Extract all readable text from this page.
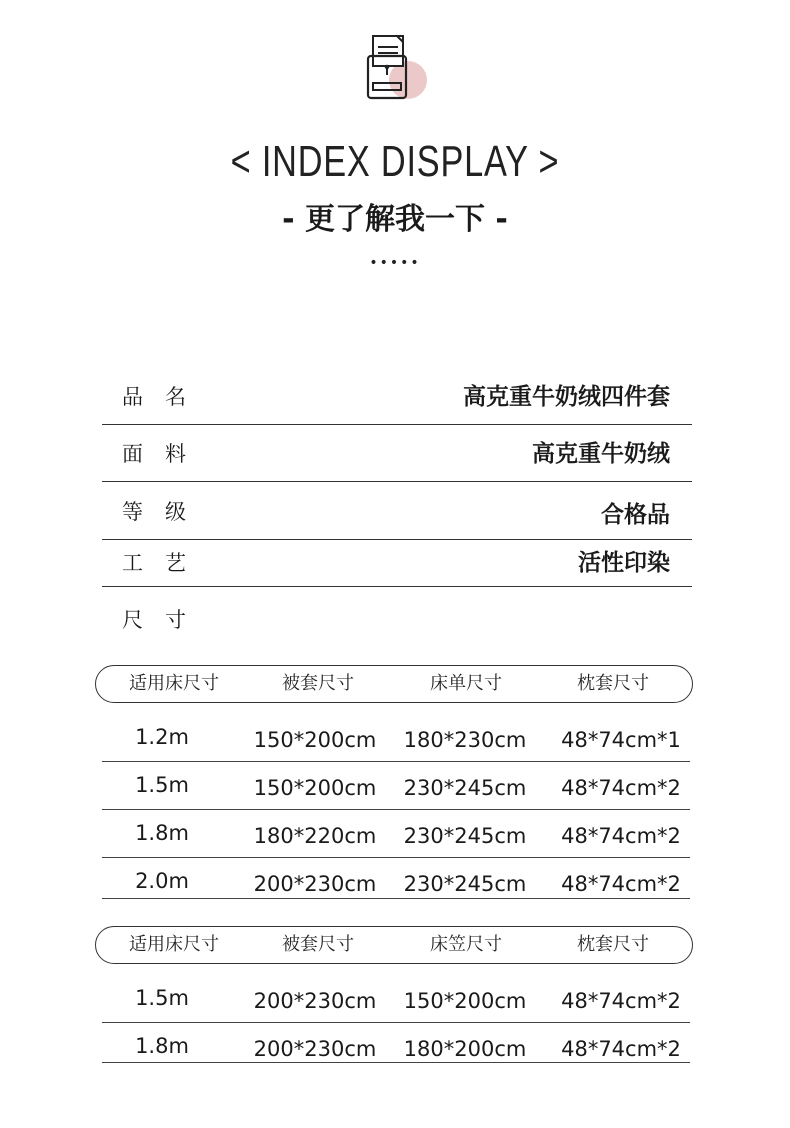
< INDEX DISPLAY >
- 更了解我一下 -
•••••
品名	高克重牛奶绒四件套
面料	高克重牛奶绒
等级	合格品
工艺	活性印染
尺寸
适用床尺寸	被套尺寸	床单尺寸	枕套尺寸
1.2m	150*200cm	180*230cm	48*74cm*1
1.5m	150*200cm	230*245cm	48*74cm*2
1.8m	180*220cm	230*245cm	48*74cm*2
2.0m	200*230cm	230*245cm	48*74cm*2
适用床尺寸	被套尺寸	床笠尺寸	枕套尺寸
1.5m	200*230cm	150*200cm	48*74cm*2
1.8m	200*230cm	180*200cm	48*74cm*2
